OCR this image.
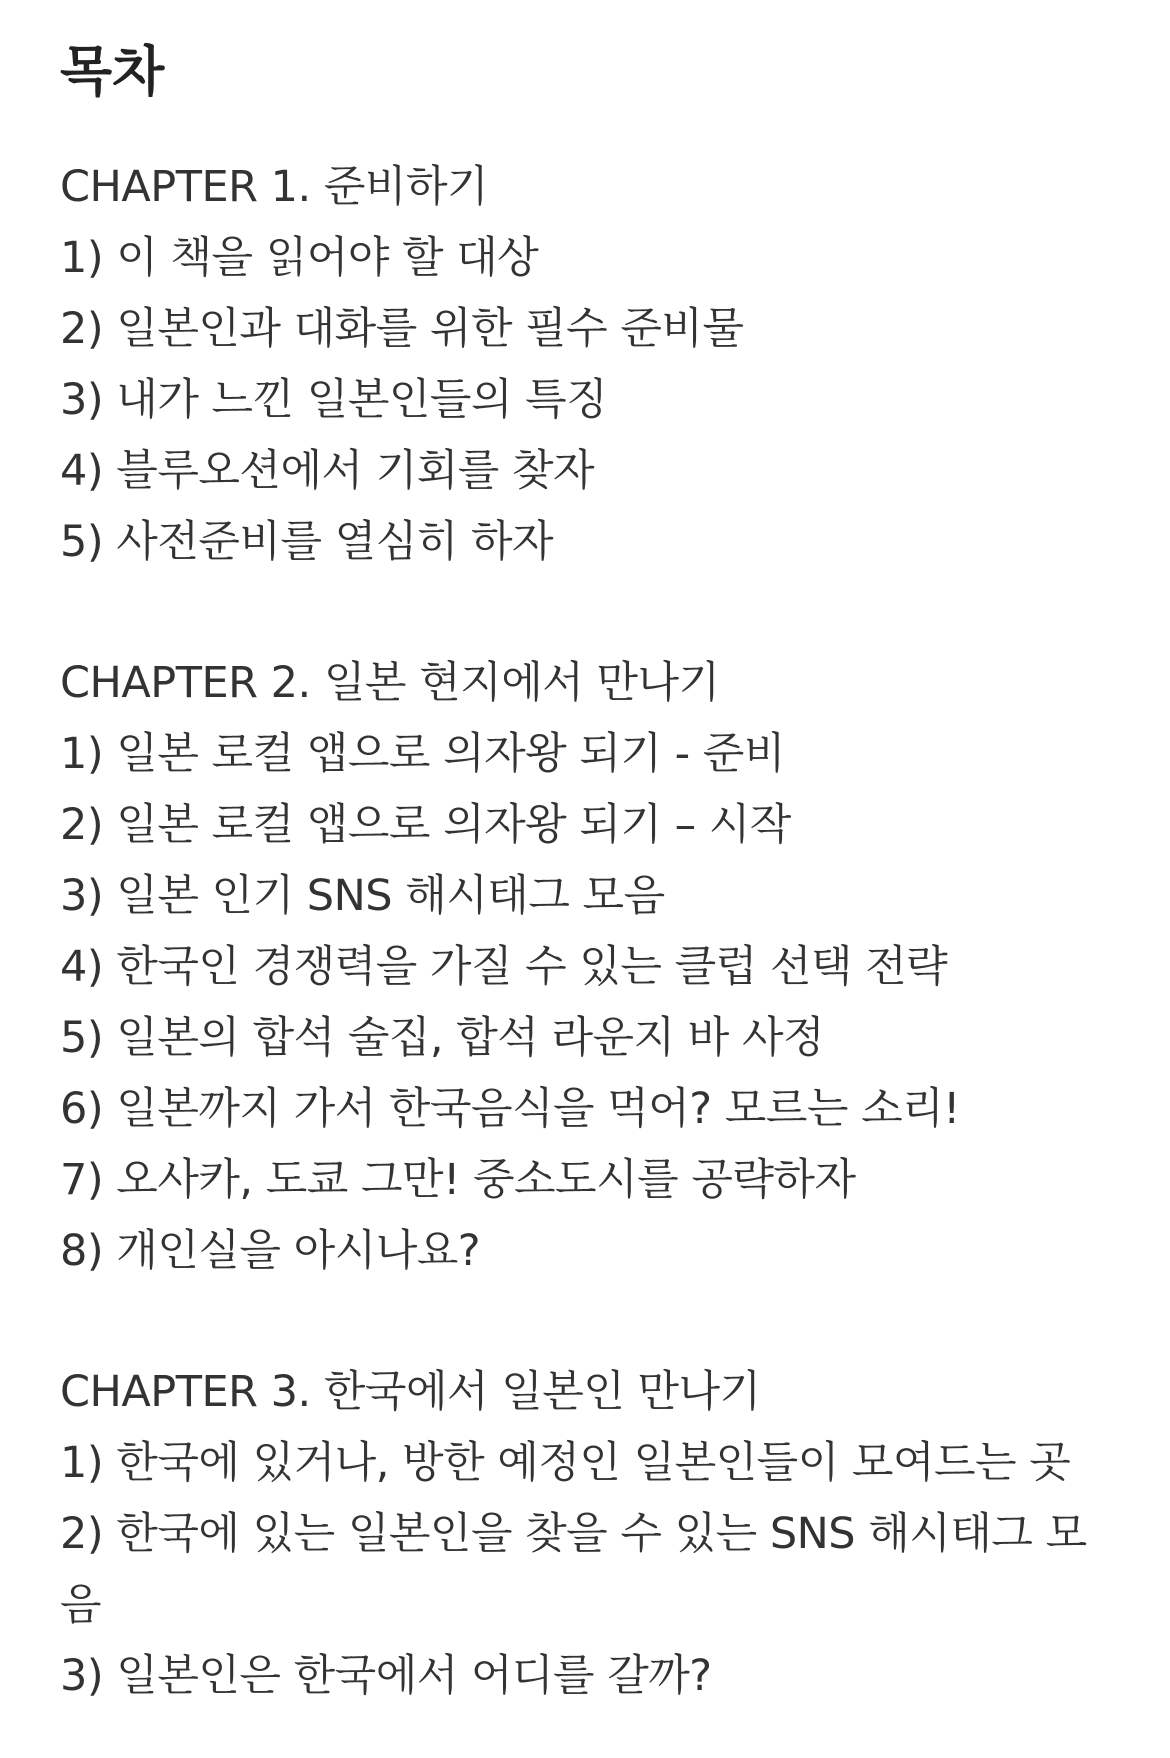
목차
CHAPTER 1. 준비하기
1) 이 책을 읽어야 할 대상
2) 일본인과 대화를 위한 필수 준비물
3) 내가 느낀 일본인들의 특징
4) 블루오션에서 기회를 찾자
5) 사전준비를 열심히 하자
CHAPTER 2. 일본 현지에서 만나기
1) 일본 로컬 앱으로 의자왕 되기 - 준비
2) 일본 로컬 앱으로 의자왕 되기 – 시작
3) 일본 인기 SNS 해시태그 모음
4) 한국인 경쟁력을 가질 수 있는 클럽 선택 전략
5) 일본의 합석 술집, 합석 라운지 바 사정
6) 일본까지 가서 한국음식을 먹어? 모르는 소리!
7) 오사카, 도쿄 그만! 중소도시를 공략하자
8) 개인실을 아시나요?
CHAPTER 3. 한국에서 일본인 만나기
1) 한국에 있거나, 방한 예정인 일본인들이 모여드는 곳
2) 한국에 있는 일본인을 찾을 수 있는 SNS 해시태그 모음
3) 일본인은 한국에서 어디를 갈까?
